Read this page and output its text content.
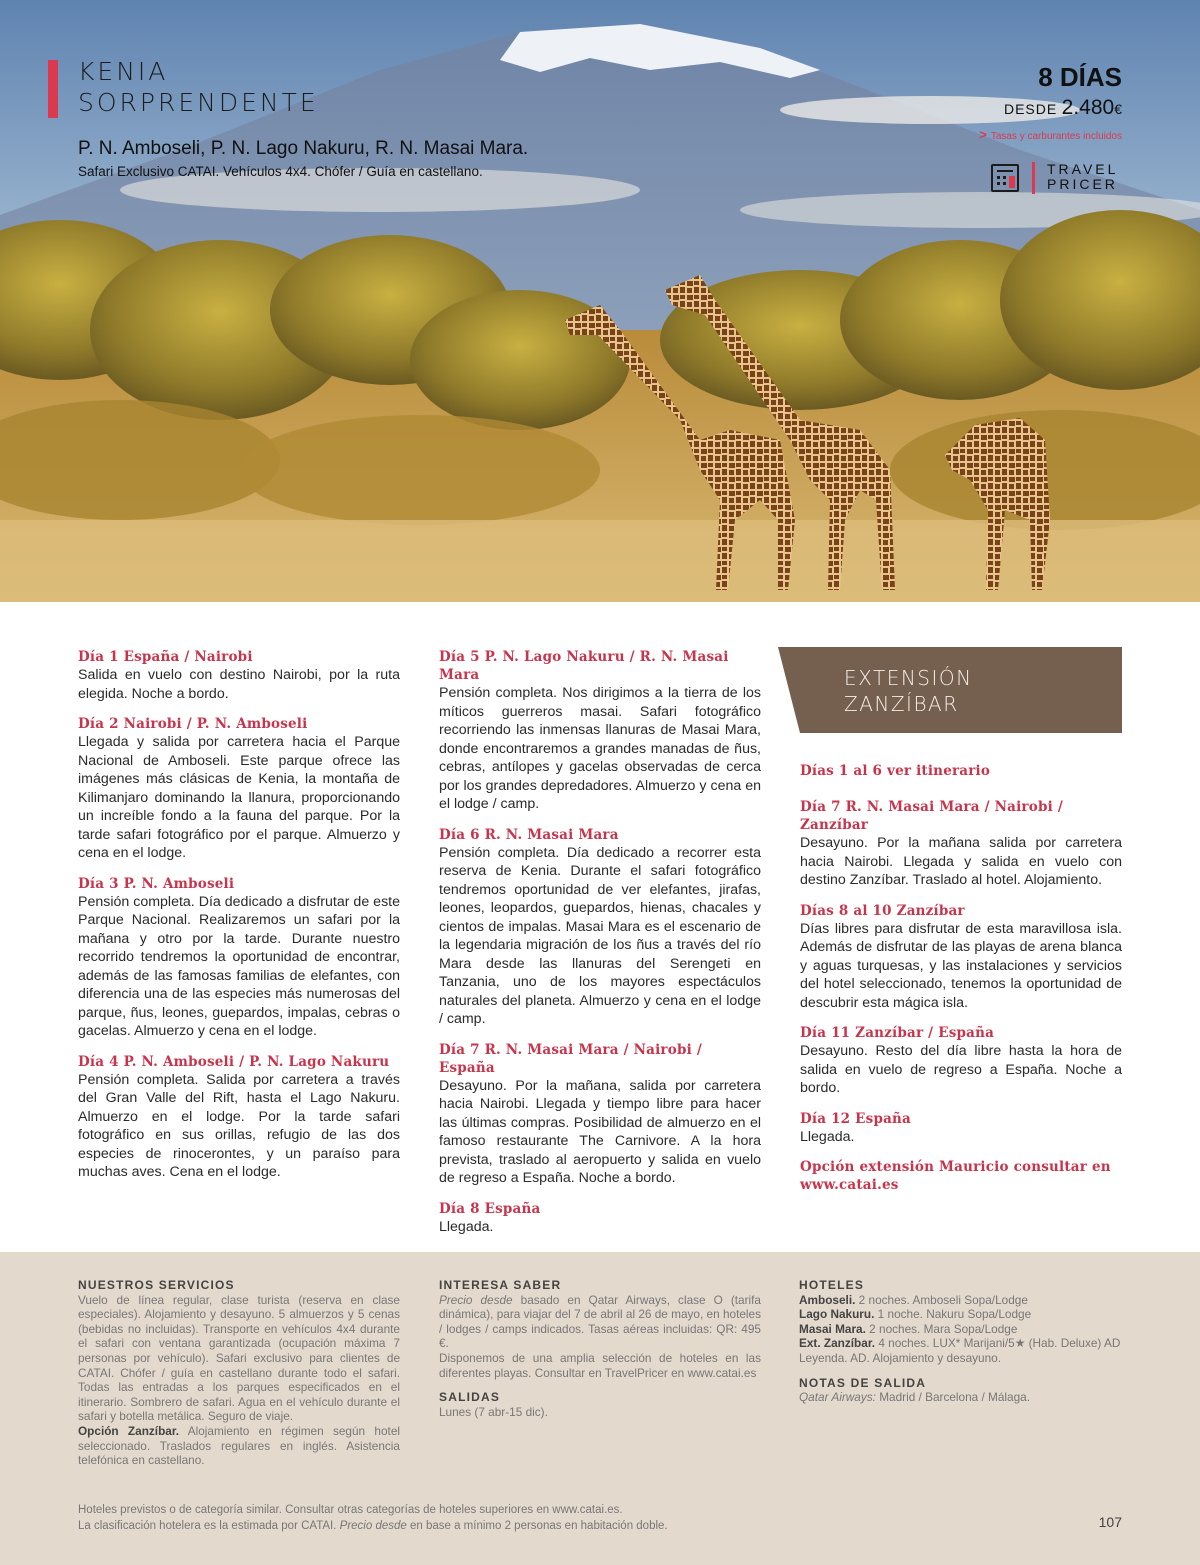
KENIA
SORPRENDENTE
P. N. Amboseli, P. N. Lago Nakuru, R. N. Masai Mara.
Safari Exclusivo CATAI. Vehículos 4x4. Chófer / Guía en castellano.
8 DÍAS
DESDE 2.480€
> Tasas y carburantes incluidos
TRAVEL
PRICER
Día 1 España / Nairobi

Salida en vuelo con destino Nairobi, por la ruta elegida. Noche a bordo.

Día 2 Nairobi / P. N. Amboseli

Llegada y salida por carretera hacia el Parque Nacional de Amboseli. Este parque ofrece las imágenes más clásicas de Kenia, la montaña de Kilimanjaro dominando la llanura, proporcionando un increíble fondo a la fauna del parque. Por la tarde safari fotográfico por el parque. Almuerzo y cena en el lodge.

Día 3 P. N. Amboseli

Pensión completa. Día dedicado a disfrutar de este Parque Nacional. Realizaremos un safari por la mañana y otro por la tarde. Durante nuestro recorrido tendremos la oportunidad de encontrar, además de las famosas familias de elefantes, con diferencia una de las especies más numerosas del parque, ñus, leones, guepardos, impalas, cebras o gacelas. Almuerzo y cena en el lodge.

Día 4 P. N. Amboseli / P. N. Lago Nakuru

Pensión completa. Salida por carretera a través del Gran Valle del Rift, hasta el Lago Nakuru. Almuerzo en el lodge. Por la tarde safari fotográfico en sus orillas, refugio de las dos especies de rinocerontes, y un paraíso para muchas aves. Cena en el lodge.

Día 5 P. N. Lago Nakuru / R. N. Masai Mara

Pensión completa. Nos dirigimos a la tierra de los míticos guerreros masai. Safari fotográfico recorriendo las inmensas llanuras de Masai Mara, donde encontraremos a grandes manadas de ñus, cebras, antílopes y gacelas observadas de cerca por los grandes depredadores. Almuerzo y cena en el lodge / camp.

Día 6 R. N. Masai Mara

Pensión completa. Día dedicado a recorrer esta reserva de Kenia. Durante el safari fotográfico tendremos oportunidad de ver elefantes, jirafas, leones, leopardos, guepardos, hienas, chacales y cientos de impalas. Masai Mara es el escenario de la legendaria migración de los ñus a través del río Mara desde las llanuras del Serengeti en Tanzania, uno de los mayores espectáculos naturales del planeta. Almuerzo y cena en el lodge / camp.

Día 7 R. N. Masai Mara / Nairobi / España

Desayuno. Por la mañana, salida por carretera hacia Nairobi. Llegada y tiempo libre para hacer las últimas compras. Posibilidad de almuerzo en el famoso restaurante The Carnivore. A la hora prevista, traslado al aeropuerto y salida en vuelo de regreso a España. Noche a bordo.

Día 8 España

Llegada.

EXTENSIÓN
ZANZÍBAR
Días 1 al 6 ver itinerario
Día 7 R. N. Masai Mara / Nairobi / Zanzíbar

Desayuno. Por la mañana salida por carretera hacia Nairobi. Llegada y salida en vuelo con destino Zanzíbar. Traslado al hotel. Alojamiento.

Días 8 al 10 Zanzíbar

Días libres para disfrutar de esta maravillosa isla. Además de disfrutar de las playas de arena blanca y aguas turquesas, y las instalaciones y servicios del hotel seleccionado, tenemos la oportunidad de descubrir esta mágica isla.

Día 11 Zanzíbar / España

Desayuno. Resto del día libre hasta la hora de salida en vuelo de regreso a España. Noche a bordo.

Día 12 España

Llegada.

Opción extensión Mauricio consultar en www.catai.es
NUESTROS SERVICIOS

Vuelo de línea regular, clase turista (reserva en clase especiales). Alojamiento y desayuno. 5 almuerzos y 5 cenas (bebidas no incluidas). Transporte en vehículos 4x4 durante el safari con ventana garantizada (ocupación máxima 7 personas por vehículo). Safari exclusivo para clientes de CATAI. Chófer / guía en castellano durante todo el safari. Todas las entradas a los parques especificados en el itinerario. Sombrero de safari. Agua en el vehículo durante el safari y botella metálica. Seguro de viaje.

Opción Zanzíbar. Alojamiento en régimen según hotel seleccionado. Traslados regulares en inglés. Asistencia telefónica en castellano.

INTERESA SABER

Precio desde basado en Qatar Airways, clase O (tarifa dinámica), para viajar del 7 de abril al 26 de mayo, en hoteles / lodges / camps indicados. Tasas aéreas incluidas: QR: 495 €.

Disponemos de una amplia selección de hoteles en las diferentes playas. Consultar en TravelPricer en www.catai.es

SALIDAS

Lunes (7 abr-15 dic).

HOTELES

Amboseli. 2 noches. Amboseli Sopa/Lodge

Lago Nakuru. 1 noche. Nakuru Sopa/Lodge

Masai Mara. 2 noches. Mara Sopa/Lodge

Ext. Zanzíbar. 4 noches. LUX* Marijani/5★ (Hab. Deluxe) AD

Leyenda. AD. Alojamiento y desayuno.

NOTAS DE SALIDA

Qatar Airways: Madrid / Barcelona / Málaga.

Hoteles previstos o de categoría similar. Consultar otras categorías de hoteles superiores en www.catai.es.
La clasificación hotelera es la estimada por CATAI. Precio desde en base a mínimo 2 personas en habitación doble.	107
